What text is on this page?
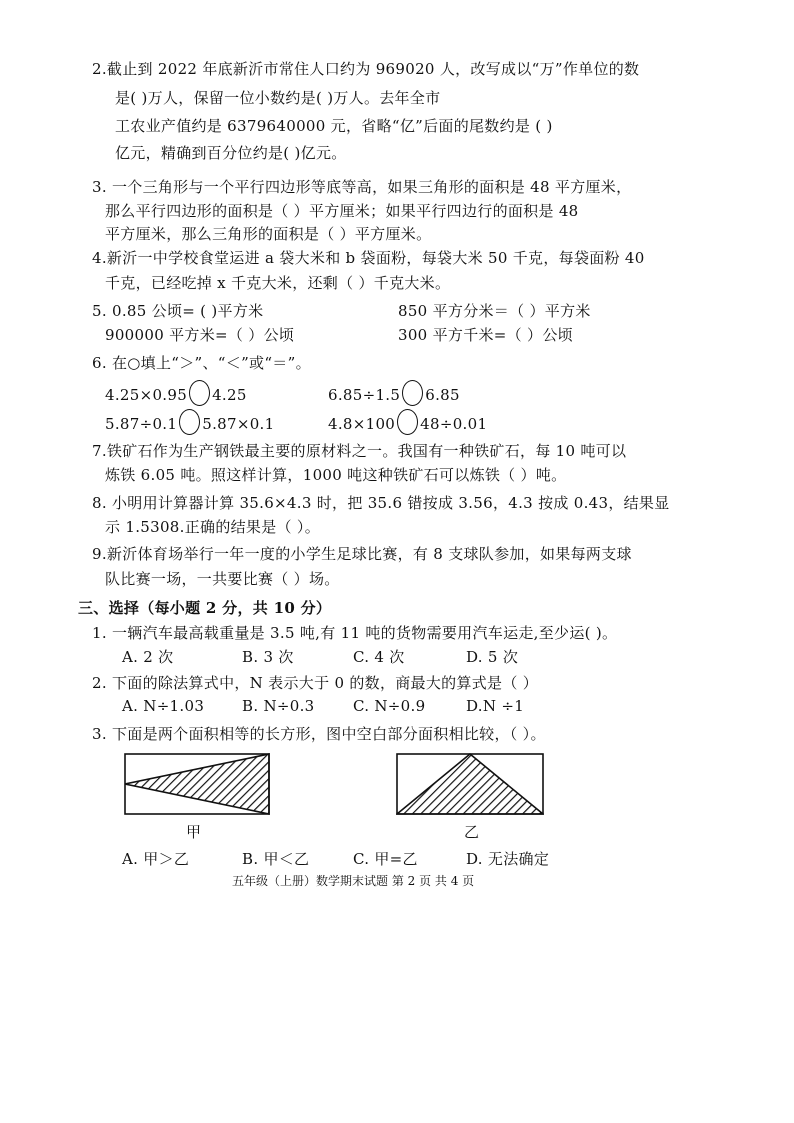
2.截止到 2022 年底新沂市常住人口约为 969020 人，改写成以“万”作单位的数
是( )万人，保留一位小数约是( )万人。去年全市
工农业产值约是 6379640000 元，省略“亿”后面的尾数约是 ( )
亿元，精确到百分位约是( )亿元。
3. 一个三角形与一个平行四边形等底等高，如果三角形的面积是 48 平方厘米，
那么平行四边形的面积是（ ）平方厘米；如果平行四边行的面积是 48
平方厘米，那么三角形的面积是（ ）平方厘米。
4.新沂一中学校食堂运进 a 袋大米和 b 袋面粉，每袋大米 50 千克，每袋面粉 40
千克，已经吃掉 x 千克大米，还剩（ ）千克大米。
5. 0.85 公顷= ( )平方米	850 平方分米＝（ ）平方米
900000 平方米=（ ）公顷	300 平方千米=（ ）公顷
6. 在○填上“＞”、“＜”或“＝”。
4.25×0.95 4.25	6.85÷1.5 6.85
5.87÷0.1 5.87×0.1	4.8×100 48÷0.01
7.铁矿石作为生产钢铁最主要的原材料之一。我国有一种铁矿石，每 10 吨可以
炼铁 6.05 吨。照这样计算，1000 吨这种铁矿石可以炼铁（ ）吨。
8. 小明用计算器计算 35.6×4.3 时，把 35.6 错按成 3.56，4.3 按成 0.43，结果显
示 1.5308.正确的结果是（ ）。
9.新沂体育场举行一年一度的小学生足球比赛，有 8 支球队参加，如果每两支球
队比赛一场，一共要比赛（ ）场。
三、选择（每小题 2 分，共 10 分）
1. 一辆汽车最高载重量是 3.5 吨,有 11 吨的货物需要用汽车运走,至少运( )。
A. 2 次	B. 3 次	C. 4 次	D. 5 次
2. 下面的除法算式中，N 表示大于 0 的数，商最大的算式是（ ）
A. N÷1.03	B. N÷0.3	C. N÷0.9	D.N ÷1
3. 下面是两个面积相等的长方形，图中空白部分面积相比较，（ ）。
甲	乙
A. 甲＞乙	B. 甲＜乙	C. 甲=乙	D. 无法确定
五年级（上册）数学期末试题 第 2 页 共 4 页
